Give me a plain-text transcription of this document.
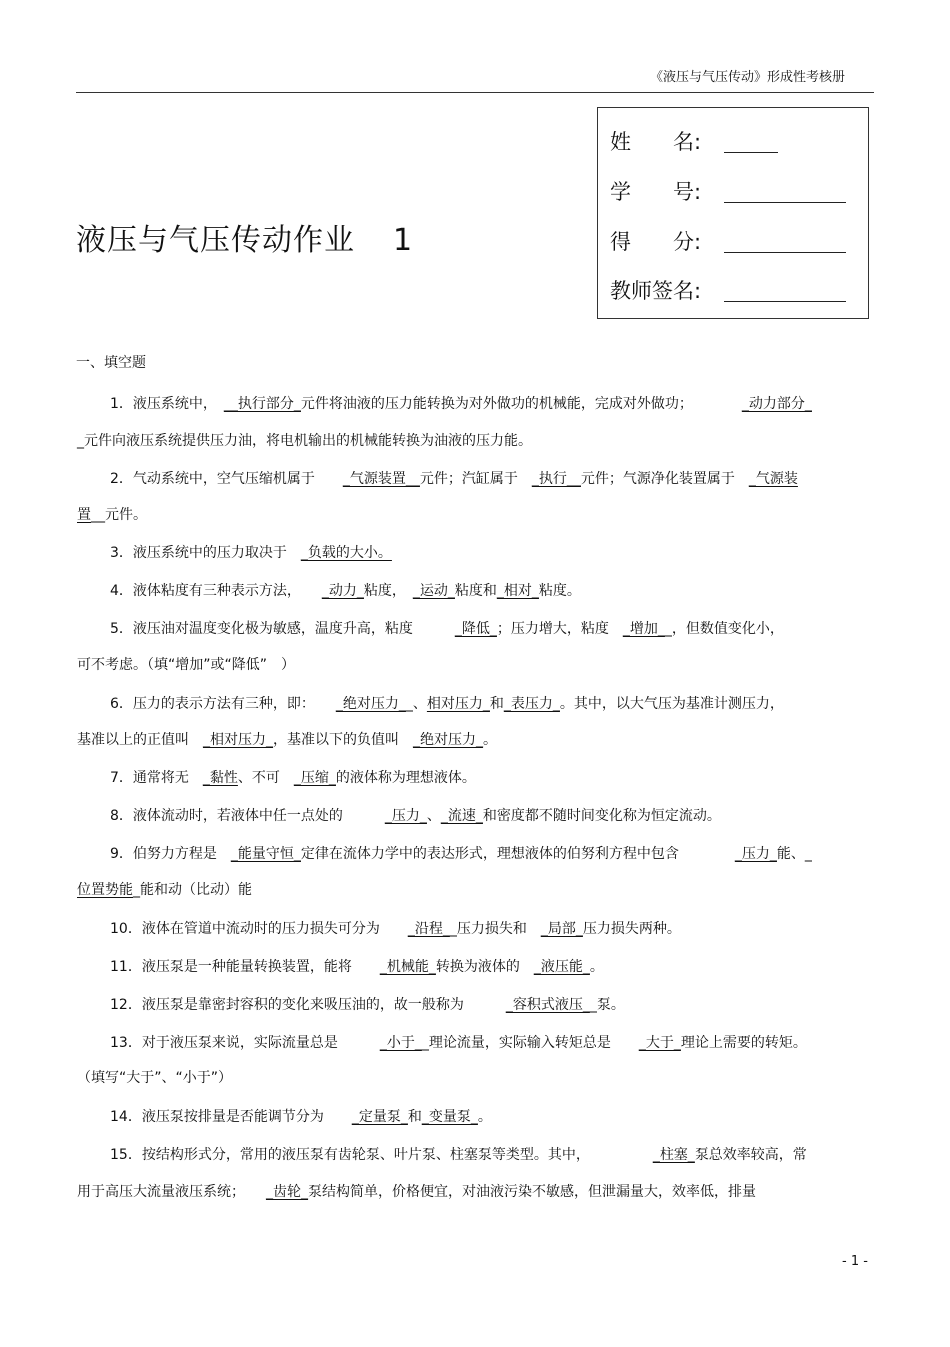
《液压与气压传动》形成性考核册
液压与气压传动作业 1
姓　　名:
学　　号:
得　　分:
教师签名:
一、填空题
1．液压系统中，　__执行部分_元件将油液的压力能转换为对外做功的机械能，完成对外做功；　　　　_动力部分_
_元件向液压系统提供压力油，将电机输出的机械能转换为油液的压力能。
2．气动系统中，空气压缩机属于　　_气源装置__元件；汽缸属于　_执行__元件；气源净化装置属于　_气源装
置__元件。
3．液压系统中的压力取决于　_负载的大小。
4．液体粘度有三种表示方法，　　_动力_粘度，　_运动_粘度和_相对_粘度。
5．液压油对温度变化极为敏感，温度升高，粘度　　　_降低_；压力增大，粘度　_增加__，但数值变化小，
可不考虑。（填“增加”或“降低”　）
6．压力的表示方法有三种，即：　　_绝对压力__、相对压力_和_表压力_。其中，以大气压为基准计测压力，
基准以上的正值叫　_相对压力_，基准以下的负值叫　_绝对压力_。
7．通常将无　_黏性、不可　_压缩_的液体称为理想液体。
8．液体流动时，若液体中任一点处的　　　_压力_、_流速_和密度都不随时间变化称为恒定流动。
9．伯努力方程是　_能量守恒_定律在流体力学中的表达形式，理想液体的伯努利方程中包含　　　　_压力_能、_
位置势能_能和动（比动）能
10．液体在管道中流动时的压力损失可分为　　_沿程__压力损失和　_局部_压力损失两种。
11．液压泵是一种能量转换装置，能将　　_机械能_转换为液体的　_液压能_。
12．液压泵是靠密封容积的变化来吸压油的，故一般称为　　　_容积式液压__泵。
13．对于液压泵来说，实际流量总是　　　_小于__理论流量，实际输入转矩总是　　_大于_理论上需要的转矩。
（填写“大于”、“小于”）
14．液压泵按排量是否能调节分为　　_定量泵_和_变量泵_。
15．按结构形式分，常用的液压泵有齿轮泵、叶片泵、柱塞泵等类型。其中，　　　　　_柱塞_泵总效率较高，常
用于高压大流量液压系统；　　_齿轮_泵结构简单，价格便宜，对油液污染不敏感，但泄漏量大，效率低，排量
- 1 -
